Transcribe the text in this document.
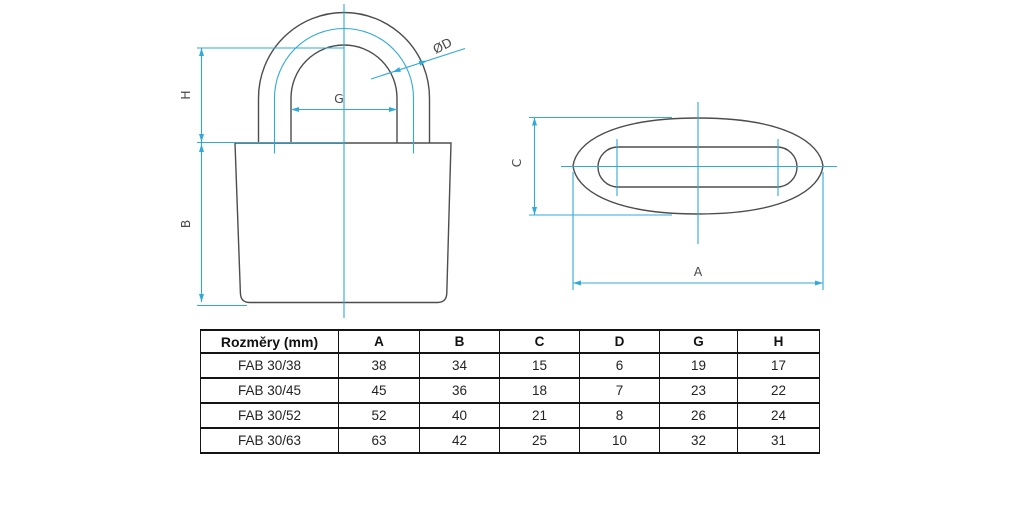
H
B
G
ØD
C
A
Rozměry (mm)	A	B	C	D	G	H
FAB 30/38	38	34	15	6	19	17
FAB 30/45	45	36	18	7	23	22
FAB 30/52	52	40	21	8	26	24
FAB 30/63	63	42	25	10	32	31
